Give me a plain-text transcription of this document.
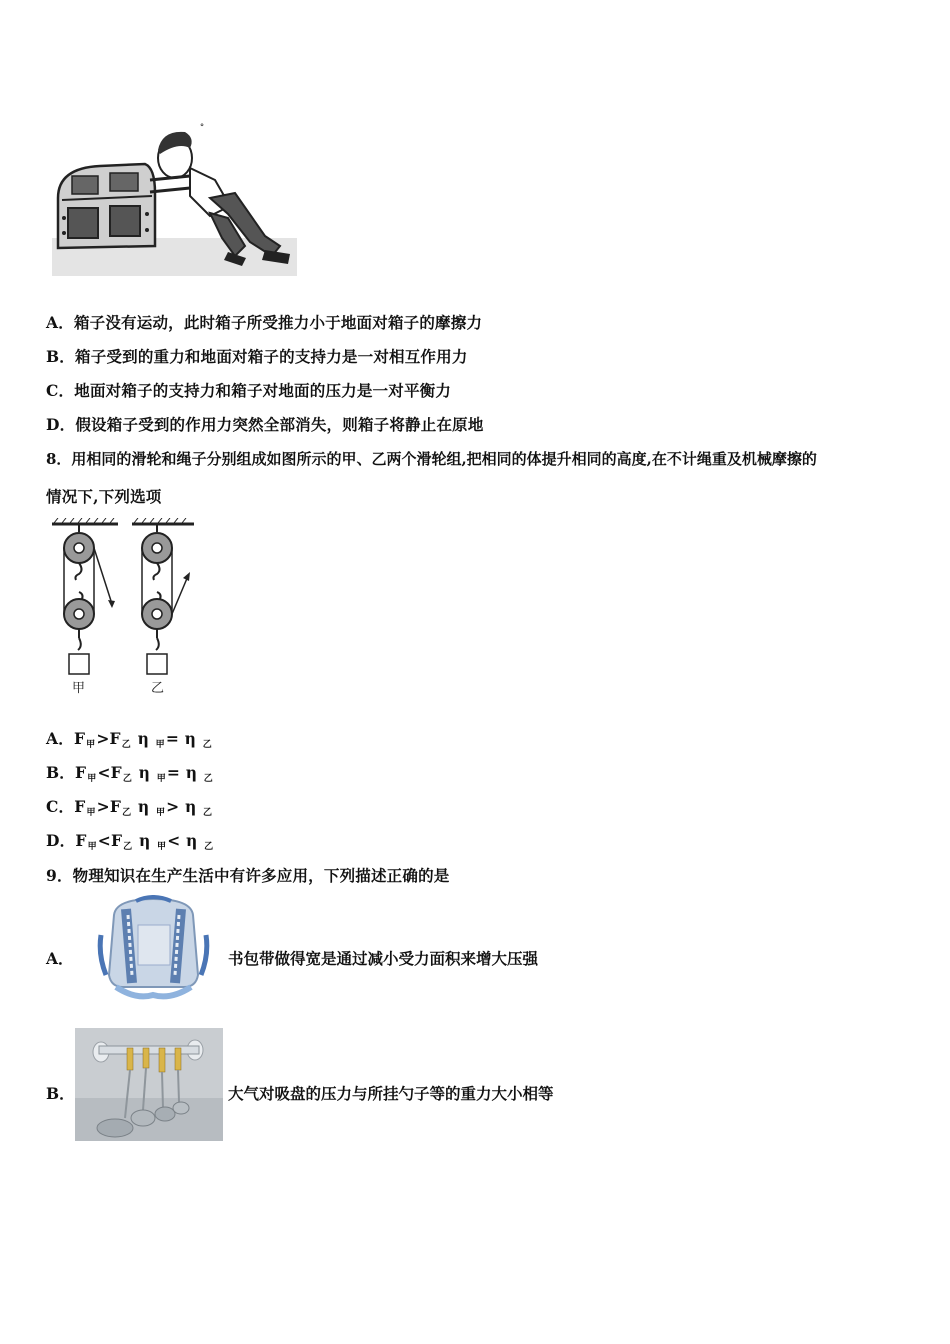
ᐤ
A．箱子没有运动，此时箱子所受推力小于地面对箱子的摩擦力
B．箱子受到的重力和地面对箱子的支持力是一对相互作用力
C．地面对箱子的支持力和箱子对地面的压力是一对平衡力
D．假设箱子受到的作用力突然全部消失，则箱子将静止在原地
8．用相同的滑轮和绳子分别组成如图所示的甲、乙两个滑轮组,把相同的体提升相同的高度,在不计绳重及机械摩擦的
情况下,下列选项
甲	乙
A．F甲>F乙 η 甲= η 乙
B．F甲<F乙 η 甲= η 乙
C．F甲>F乙 η 甲> η 乙
D．F甲<F乙 η 甲< η 乙
9．物理知识在生产生活中有许多应用，下列描述正确的是
A．	书包带做得宽是通过减小受力面积来增大压强
B．	大气对吸盘的压力与所挂勺子等的重力大小相等
